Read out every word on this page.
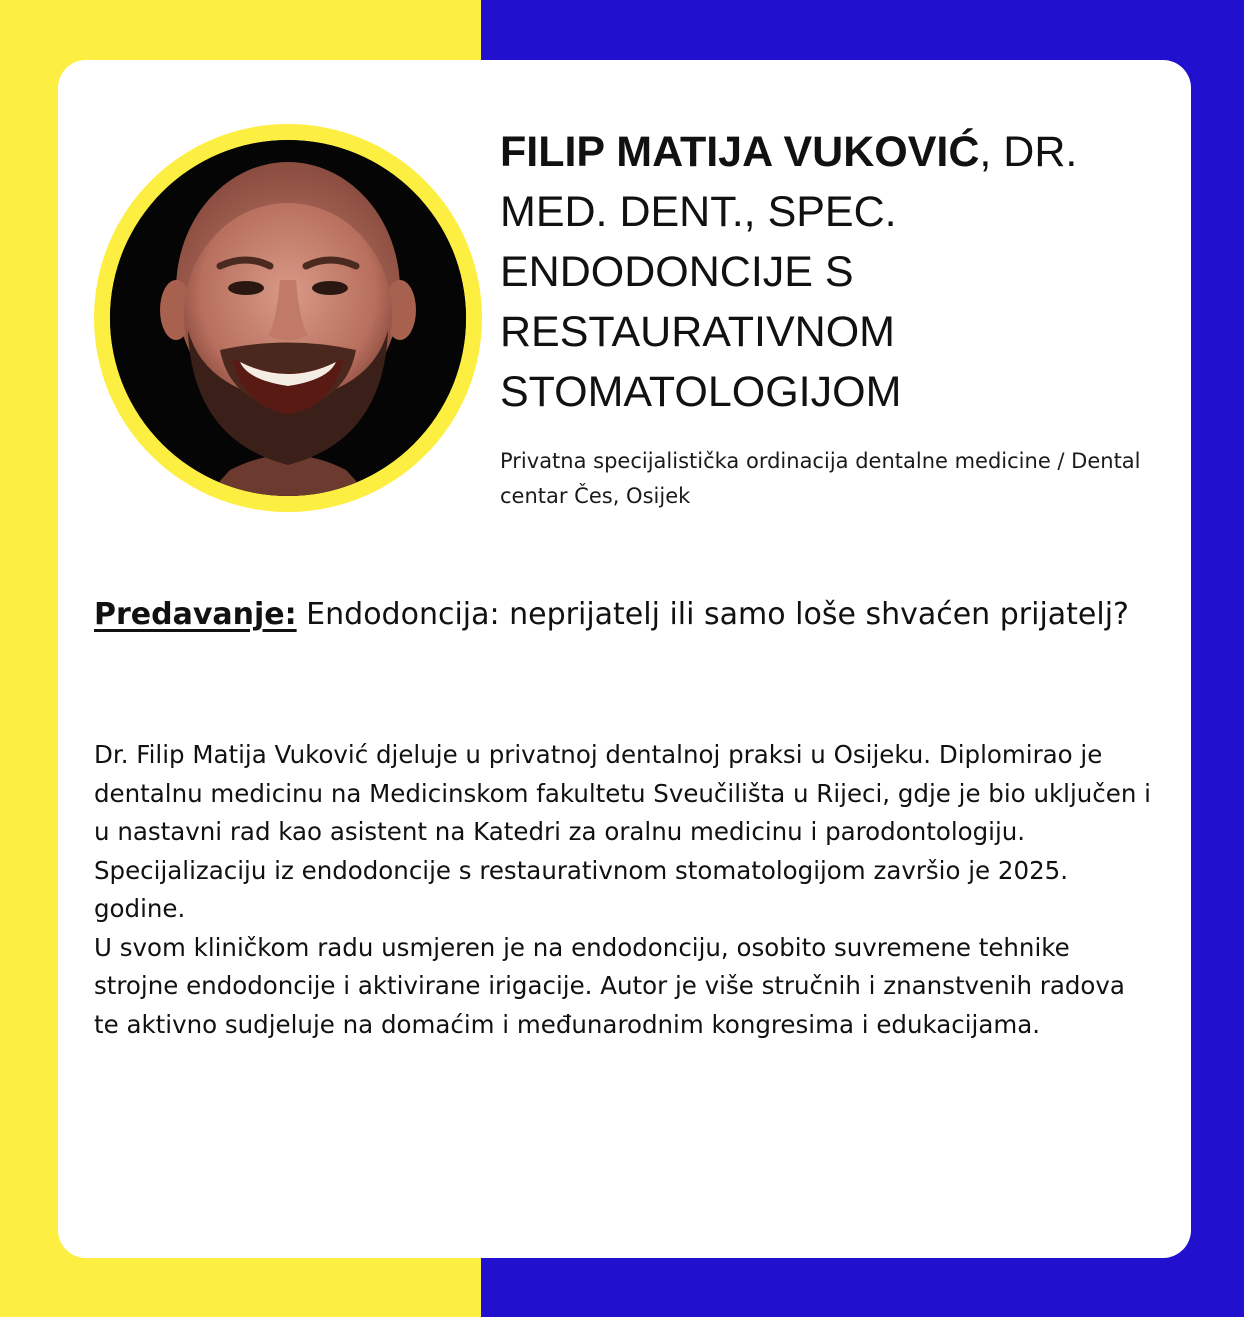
FILIP MATIJA VUKOVIĆ, DR. MED. DENT., SPEC. ENDODONCIJE S RESTAURATIVNOM STOMATOLOGIJOM
Privatna specijalistička ordinacija dentalne medicine / Dental centar Čes, Osijek
Predavanje: Endodoncija: neprijatelj ili samo loše shvaćen prijatelj?

Dr. Filip Matija Vuković djeluje u privatnoj dentalnoj praksi u Osijeku. Diplomirao je dentalnu medicinu na Medicinskom fakultetu Sveučilišta u Rijeci, gdje je bio uključen i u nastavni rad kao asistent na Katedri za oralnu medicinu i parodontologiju. Specijalizaciju iz endodoncije s restaurativnom stomatologijom završio je 2025. godine.

U svom kliničkom radu usmjeren je na endodonciju, osobito suvremene tehnike strojne endodoncije i aktivirane irigacije. Autor je više stručnih i znanstvenih radova te aktivno sudjeluje na domaćim i međunarodnim kongresima i edukacijama.
